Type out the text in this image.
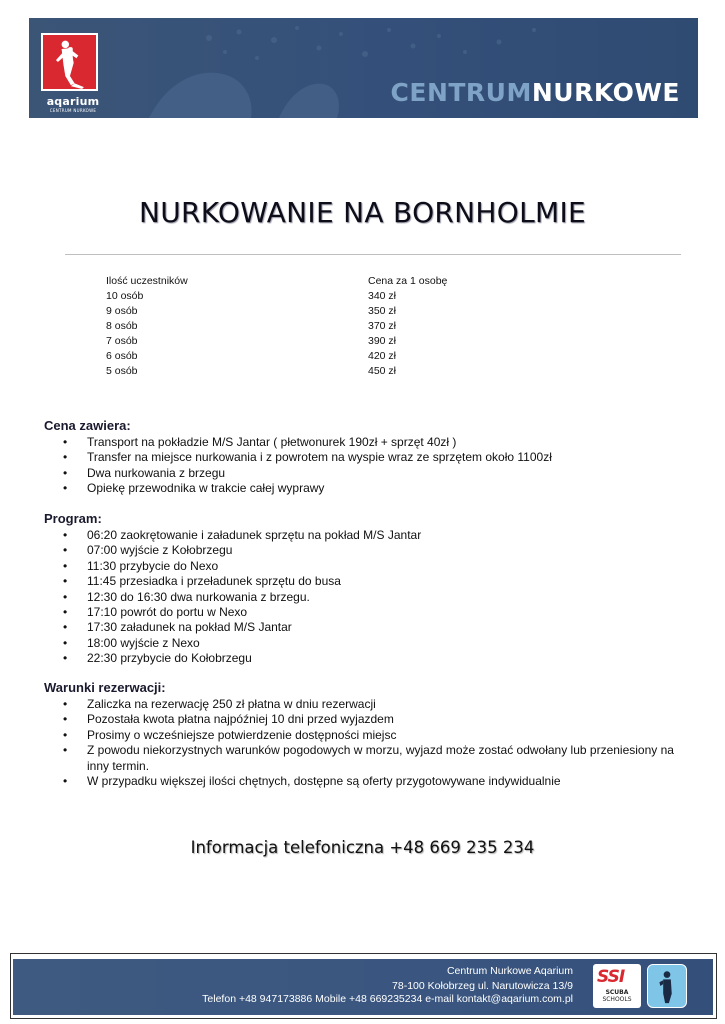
aqarium
CENTRUM NURKOWE
CENTRUMNURKOWE
NURKOWANIE NA BORNHOLMIE
Ilość uczestników
10 osób
9 osób
8 osób
7 osób
6 osób
5 osób
Cena za 1 osobę
340 zł
350 zł
370 zł
390 zł
420 zł
450 zł
Cena zawiera:
• Transport na pokładzie M/S Jantar ( płetwonurek 190zł + sprzęt 40zł )
• Transfer na miejsce nurkowania i z powrotem na wyspie wraz ze sprzętem około 1100zł
• Dwa nurkowania z brzegu
• Opiekę przewodnika w trakcie całej wyprawy
Program:
• 06:20 zaokrętowanie i załadunek sprzętu na pokład M/S Jantar
• 07:00 wyjście z Kołobrzegu
• 11:30 przybycie do Nexo
• 11:45 przesiadka i przeładunek sprzętu do busa
• 12:30 do 16:30 dwa nurkowania z brzegu.
• 17:10 powrót do portu w Nexo
• 17:30 załadunek na pokład M/S Jantar
• 18:00 wyjście z Nexo
• 22:30 przybycie do Kołobrzegu
Warunki rezerwacji:
• Zaliczka na rezerwację 250 zł płatna w dniu rezerwacji
• Pozostała kwota płatna najpóźniej 10 dni przed wyjazdem
• Prosimy o wcześniejsze potwierdzenie dostępności miejsc
• Z powodu niekorzystnych warunków pogodowych w morzu, wyjazd może zostać odwołany lub przeniesiony na inny termin.
• W przypadku większej ilości chętnych, dostępne są oferty przygotowywane indywidualnie
Informacja telefoniczna +48 669 235 234
Centrum Nurkowe Aqarium
78-100 Kołobrzeg ul. Narutowicza 13/9
Telefon +48 947173886 Mobile +48 669235234 e-mail kontakt@aqarium.com.pl
SSI
SCUBA
SCHOOLS
